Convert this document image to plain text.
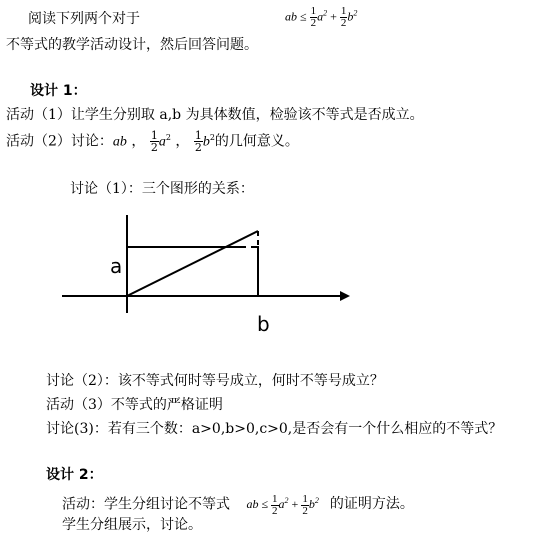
阅读下列两个对于	ab ≤ $\frac{1}{2} a^2 + \frac{1}{2} b^2$
不等式的教学活动设计，然后回答问题。
设计 1：
活动（1）让学生分别取 a,b 为具体数值，检验该不等式是否成立。
活动（2）讨论：ab ， $\frac{1}{2} a^2$ ， $\frac{1}{2} b^2$的几何意义。
讨论（1）：三个图形的关系：
a
b
讨论（2）：该不等式何时等号成立，何时不等号成立？
活动（3）不等式的严格证明
讨论(3)：若有三个数：a>0,b>0,c>0,是否会有一个什么相应的不等式？
设计 2：
活动：学生分组讨论不等式 ab ≤ $\frac{1}{2} a^2 + \frac{1}{2} b^2$ 的证明方法。
学生分组展示，讨论。
